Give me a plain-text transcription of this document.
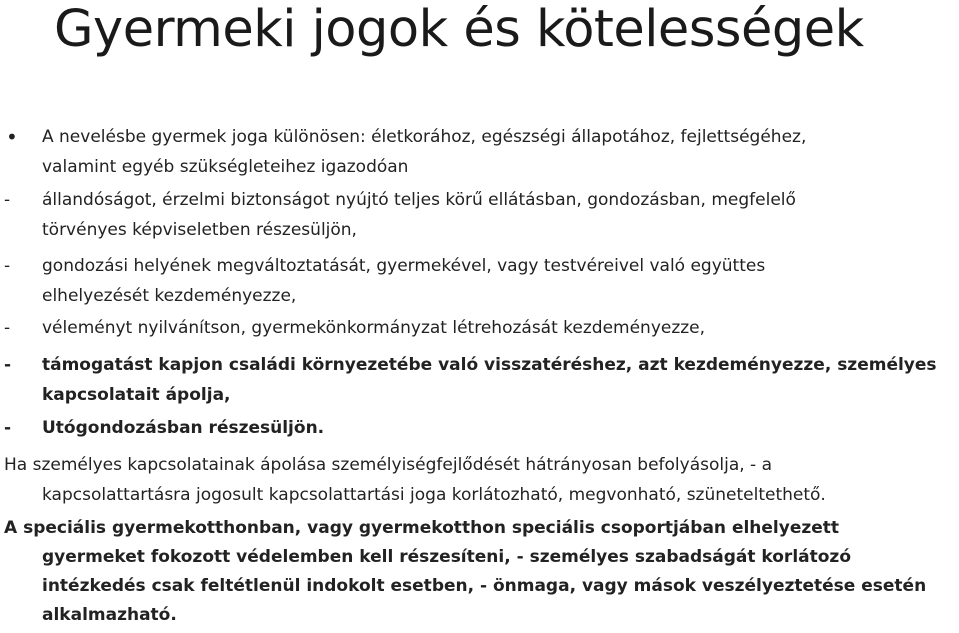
Gyermeki jogok és kötelességek
• A nevelésbe gyermek joga különösen: életkorához, egészségi állapotához, fejlettségéhez,
valamint egyéb szükségleteihez igazodóan
- állandóságot, érzelmi biztonságot nyújtó teljes körű ellátásban, gondozásban, megfelelő
törvényes képviseletben részesüljön,
- gondozási helyének megváltoztatását, gyermekével, vagy testvéreivel való együttes
elhelyezését kezdeményezze,
- véleményt nyilvánítson, gyermekönkormányzat létrehozását kezdeményezze,
- támogatást kapjon családi környezetébe való visszatéréshez, azt kezdeményezze, személyes
kapcsolatait ápolja,
- Utógondozásban részesüljön.
Ha személyes kapcsolatainak ápolása személyiségfejlődését hátrányosan befolyásolja, - a
kapcsolattartásra jogosult kapcsolattartási joga korlátozható, megvonható, szüneteltethető.
A speciális gyermekotthonban, vagy gyermekotthon speciális csoportjában elhelyezett
gyermeket fokozott védelemben kell részesíteni, - személyes szabadságát korlátozó
intézkedés csak feltétlenül indokolt esetben, - önmaga, vagy mások veszélyeztetése esetén
alkalmazható.
